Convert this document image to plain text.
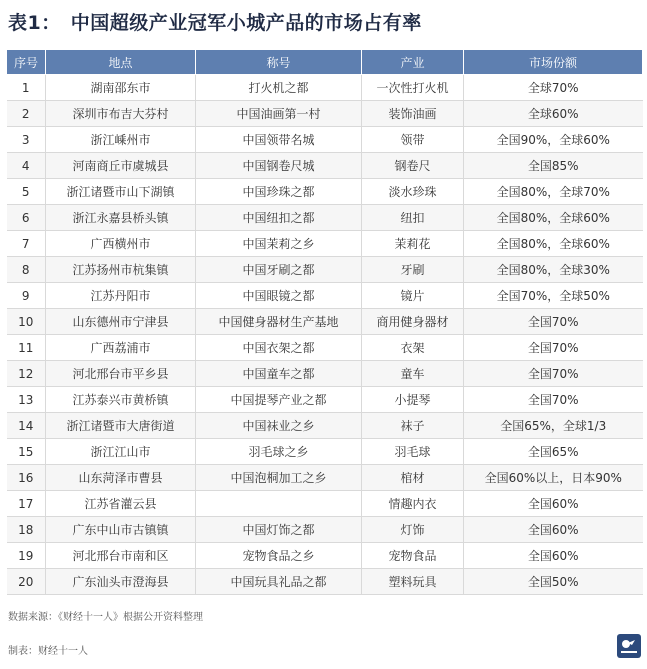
表1： 中国超级产业冠军小城产品的市场占有率
序号	地点	称号	产业	市场份额
1	湖南邵东市	打火机之都	一次性打火机	全球70%
2	深圳市布吉大芬村	中国油画第一村	装饰油画	全球60%
3	浙江嵊州市	中国领带名城	领带	全国90%，全球60%
4	河南商丘市虞城县	中国钢卷尺城	钢卷尺	全国85%
5	浙江诸暨市山下湖镇	中国珍珠之都	淡水珍珠	全国80%，全球70%
6	浙江永嘉县桥头镇	中国纽扣之都	纽扣	全国80%，全球60%
7	广西横州市	中国茉莉之乡	茉莉花	全国80%，全球60%
8	江苏扬州市杭集镇	中国牙刷之都	牙刷	全国80%，全球30%
9	江苏丹阳市	中国眼镜之都	镜片	全国70%，全球50%
10	山东德州市宁津县	中国健身器材生产基地	商用健身器材	全国70%
11	广西荔浦市	中国衣架之都	衣架	全国70%
12	河北邢台市平乡县	中国童车之都	童车	全国70%
13	江苏泰兴市黄桥镇	中国提琴产业之都	小提琴	全国70%
14	浙江诸暨市大唐街道	中国袜业之乡	袜子	全国65%，全球1/3
15	浙江江山市	羽毛球之乡	羽毛球	全国65%
16	山东菏泽市曹县	中国泡桐加工之乡	棺材	全国60%以上，日本90%
17	江苏省灌云县		情趣内衣	全国60%
18	广东中山市古镇镇	中国灯饰之都	灯饰	全国60%
19	河北邢台市南和区	宠物食品之乡	宠物食品	全国60%
20	广东汕头市澄海县	中国玩具礼品之都	塑料玩具	全国50%
数据来源：《财经十一人》根据公开资料整理
制表：财经十一人
